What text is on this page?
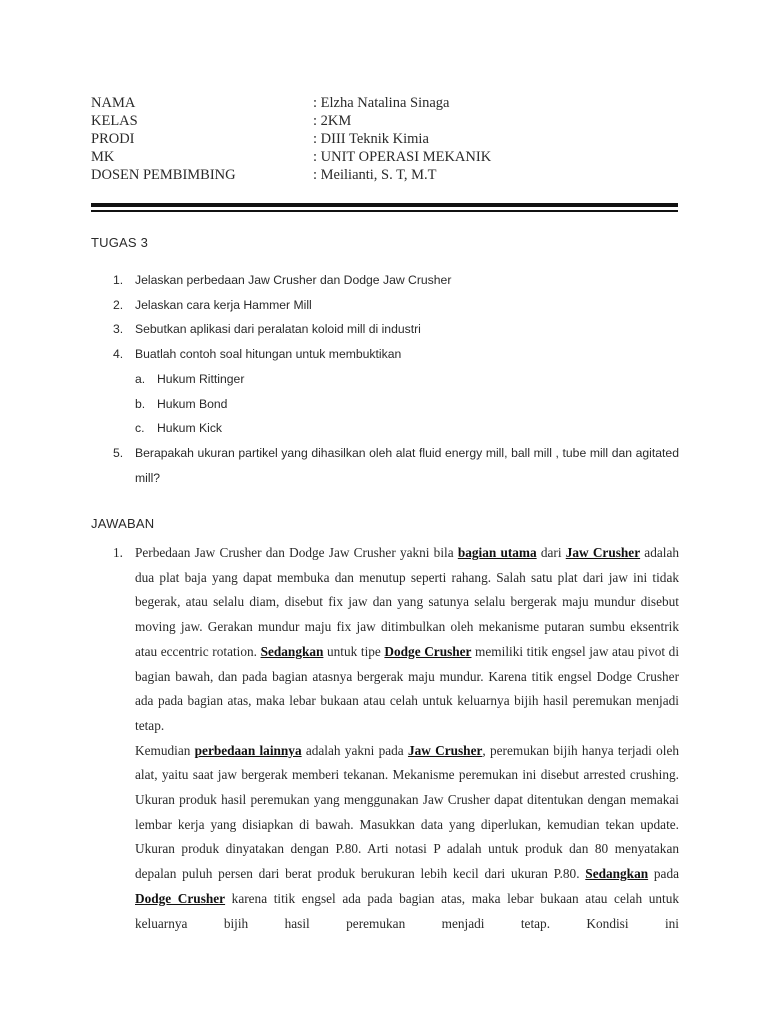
NAMA	: Elzha Natalina Sinaga
KELAS	: 2KM
PRODI	: DIII Teknik Kimia
MK	: UNIT OPERASI MEKANIK
DOSEN PEMBIMBING	: Meilianti, S. T, M.T
TUGAS 3
1. Jelaskan perbedaan Jaw Crusher dan Dodge Jaw Crusher
2. Jelaskan cara kerja Hammer Mill
3. Sebutkan aplikasi dari peralatan koloid mill di industri
4. Buatlah contoh soal hitungan untuk membuktikan
a. Hukum Rittinger
b. Hukum Bond
c. Hukum Kick
5. Berapakah ukuran partikel yang dihasilkan oleh alat fluid energy mill, ball mill , tube mill dan agitated mill?
JAWABAN
1. Perbedaan Jaw Crusher dan Dodge Jaw Crusher yakni bila bagian utama dari Jaw Crusher adalah dua plat baja yang dapat membuka dan menutup seperti rahang. Salah satu plat dari jaw ini tidak begerak, atau selalu diam, disebut fix jaw dan yang satunya selalu bergerak maju mundur disebut moving jaw. Gerakan mundur maju fix jaw ditimbulkan oleh mekanisme putaran sumbu eksentrik atau eccentric rotation. Sedangkan untuk tipe Dodge Crusher memiliki titik engsel jaw atau pivot di bagian bawah, dan pada bagian atasnya bergerak maju mundur. Karena titik engsel Dodge Crusher ada pada bagian atas, maka lebar bukaan atau celah untuk keluarnya bijih hasil peremukan menjadi tetap.

Kemudian perbedaan lainnya adalah yakni pada Jaw Crusher, peremukan bijih hanya terjadi oleh alat, yaitu saat jaw bergerak memberi tekanan. Mekanisme peremukan ini disebut arrested crushing. Ukuran produk hasil peremukan yang menggunakan Jaw Crusher dapat ditentukan dengan memakai lembar kerja yang disiapkan di bawah. Masukkan data yang diperlukan, kemudian tekan update. Ukuran produk dinyatakan dengan P.80. Arti notasi P adalah untuk produk dan 80 menyatakan depalan puluh persen dari berat produk berukuran lebih kecil dari ukuran P.80. Sedangkan pada Dodge Crusher karena titik engsel ada pada bagian atas, maka lebar bukaan atau celah untuk keluarnya bijih hasil peremukan menjadi tetap. Kondisi ini
